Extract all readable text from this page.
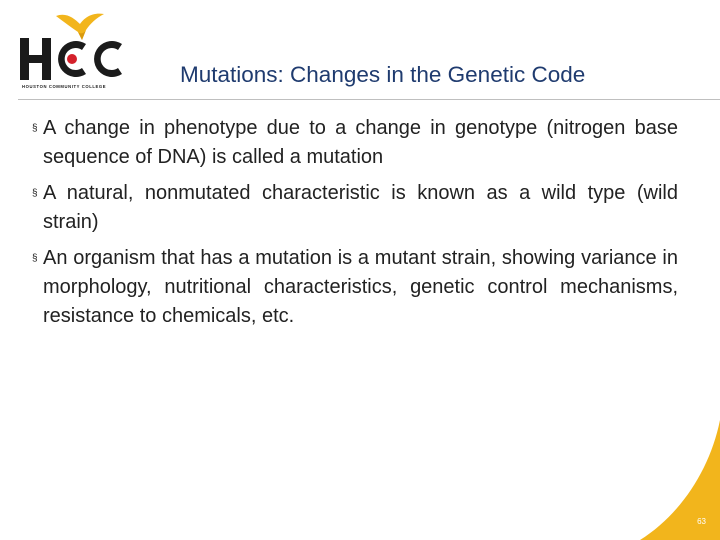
HOUSTON COMMUNITY COLLEGE	Mutations: Changes in the Genetic Code
§ A change in phenotype due to a change in genotype (nitrogen base sequence of DNA) is called a mutation
§ A natural, nonmutated characteristic is known as a wild type (wild strain)
§ An organism that has a mutation is a mutant strain, showing variance in morphology, nutritional characteristics, genetic control mechanisms, resistance to chemicals, etc.
63
